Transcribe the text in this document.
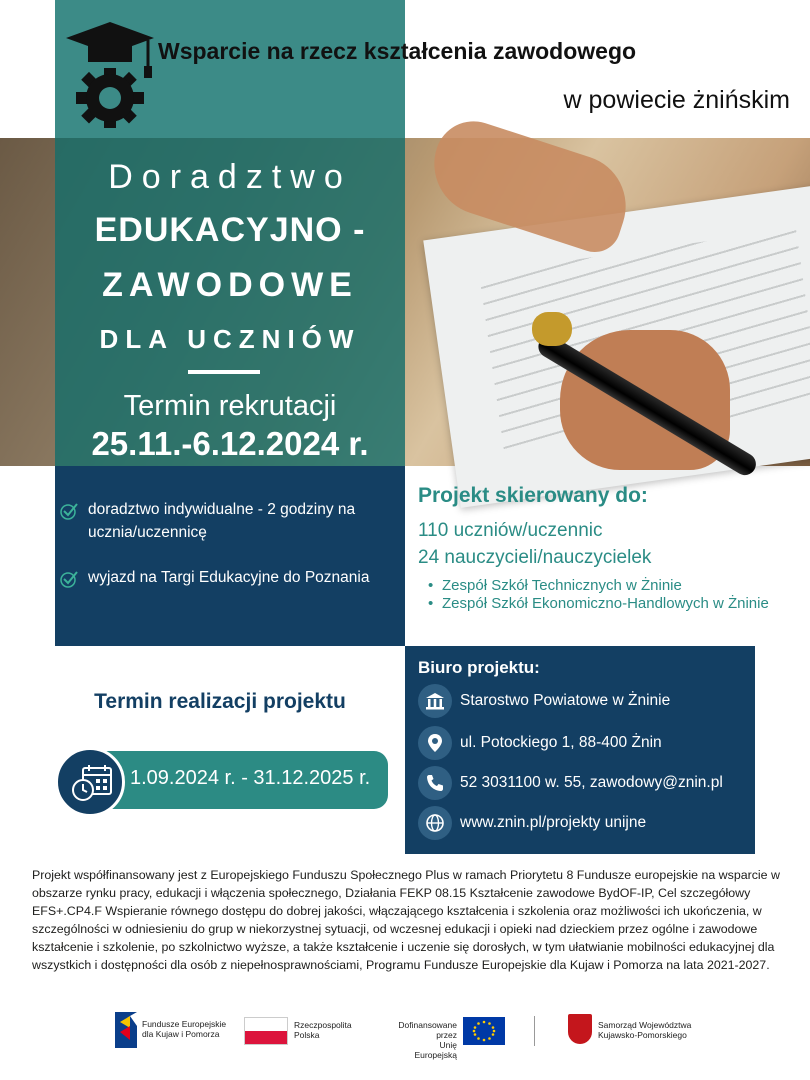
Wsparcie na rzecz kształcenia zawodowego
w powiecie żnińskim
Doradztwo
EDUKACYJNO -
ZAWODOWE
DLA UCZNIÓW
Termin rekrutacji
25.11.-6.12.2024 r.
doradztwo indywidualne - 2 godziny na ucznia/uczennicę
wyjazd na Targi Edukacyjne do Poznania
Projekt skierowany do:
110 uczniów/uczennic
24 nauczycieli/nauczycielek
• Zespół Szkół Technicznych w Żninie
• Zespół Szkół Ekonomiczno-Handlowych w Żninie
Biuro projektu:
Starostwo Powiatowe w Żninie
ul. Potockiego 1, 88-400 Żnin
52 3031100 w. 55, zawodowy@znin.pl
www.znin.pl/projekty unijne
Termin realizacji projektu
1.09.2024 r. - 31.12.2025 r.
Projekt współfinansowany jest z Europejskiego Funduszu Społecznego Plus w ramach Priorytetu 8 Fundusze europejskie na wsparcie w obszarze rynku pracy, edukacji i włączenia społecznego, Działania FEKP 08.15 Kształcenie zawodowe BydOF-IP, Cel szczegółowy EFS+.CP4.F Wspieranie równego dostępu do dobrej jakości, włączającego kształcenia i szkolenia oraz możliwości ich ukończenia, w szczególności w odniesieniu do grup w niekorzystnej sytuacji, od wczesnej edukacji i opieki nad dzieckiem przez ogólne i zawodowe kształcenie i szkolenie, po szkolnictwo wyższe, a także kształcenie i uczenie się dorosłych, w tym ułatwianie mobilności edukacyjnej dla wszystkich i dostępności dla osób z niepełnosprawnościami, Programu Fundusze Europejskie dla Kujaw i Pomorza na lata 2021-2027.
Fundusze Europejskie
dla Kujaw i Pomorza
Rzeczpospolita
Polska
Dofinansowane przez
Unię Europejską
Samorząd Województwa
Kujawsko-Pomorskiego
